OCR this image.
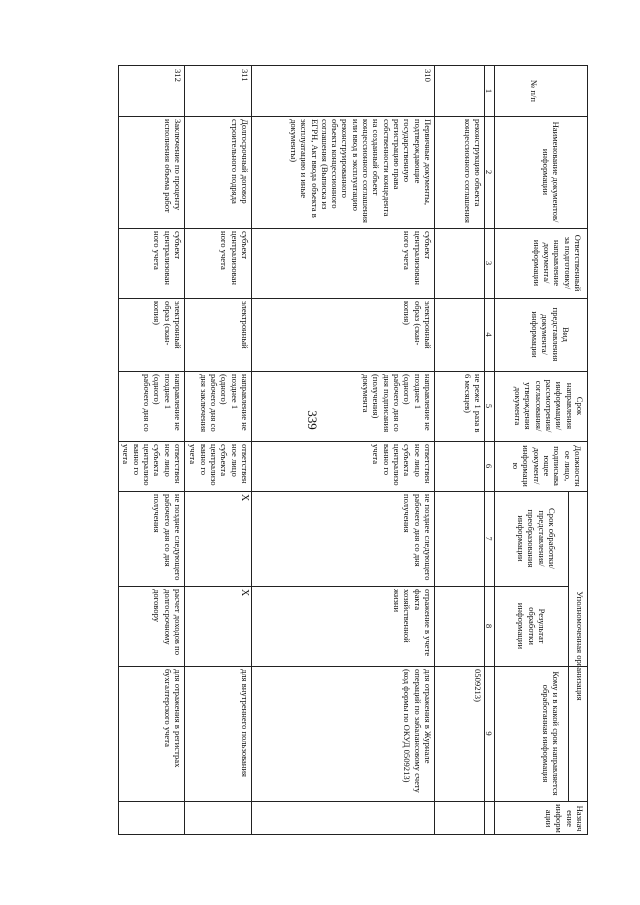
339
№ п/п
Наименование документов/ информации
Ответственный за подготовку/ направление документа/ информации
Вид представления документа/ информации
Срок направления информации/ рассмотрения/ согласования/ утверждения документа
Должностное лицо, подписывающее документ/ информацию
Уполномоченная организация
Срок обработки/ представления/ преобразования информации
Результат обработки информации
Назначение информации
Кому и в какой срок направляется обработанная информация
1
2
3
4
5
6
7
8
9
реконструкцию объекта концессионного соглашения
не реже 1 раза в 6 месяцев)
0509213)
310
Первичные документы, подтверждающие государственную регистрацию права собственности концедента на созданный объект концессионного соглашения или ввод в эксплуатацию реконструированного объекта концессионного соглашения (Выписка из ЕГРН, Акт ввода объекта в эксплуатацию и иные документы)
субъект централизован ного учета
электронный образ (скан-копия)
направление не позднее 1 (одного) рабочего дня со дня подписания (получения) документа
ответственное лицо субъекта централизованно го учета
не позднее следующего рабочего дня со дня получения
отражение в учете факта хозяйственной жизни
для отражения в Журнале операций по забалансовому счету (код формы по ОКУД 0509213)
311
Долгосрочный договор строительного подряда
субъект централизован ного учета
электронный
направление не позднее 1 (одного) рабочего дня со дня заключения
ответственное лицо субъекта централизованно го учета
X
X
для внутреннего пользования
312
Заключение по проценту исполнения объема работ
субъект централизован ного учета
электронный образ (скан-копия)
направление не позднее 1 (одного) рабочего дня со
ответственное лицо субъекта централизованно го учета
не позднее следующего рабочего дня со дня получения
расчет доходов по долгосрочному договору
для отражения в регистрах бухгалтерского учета
